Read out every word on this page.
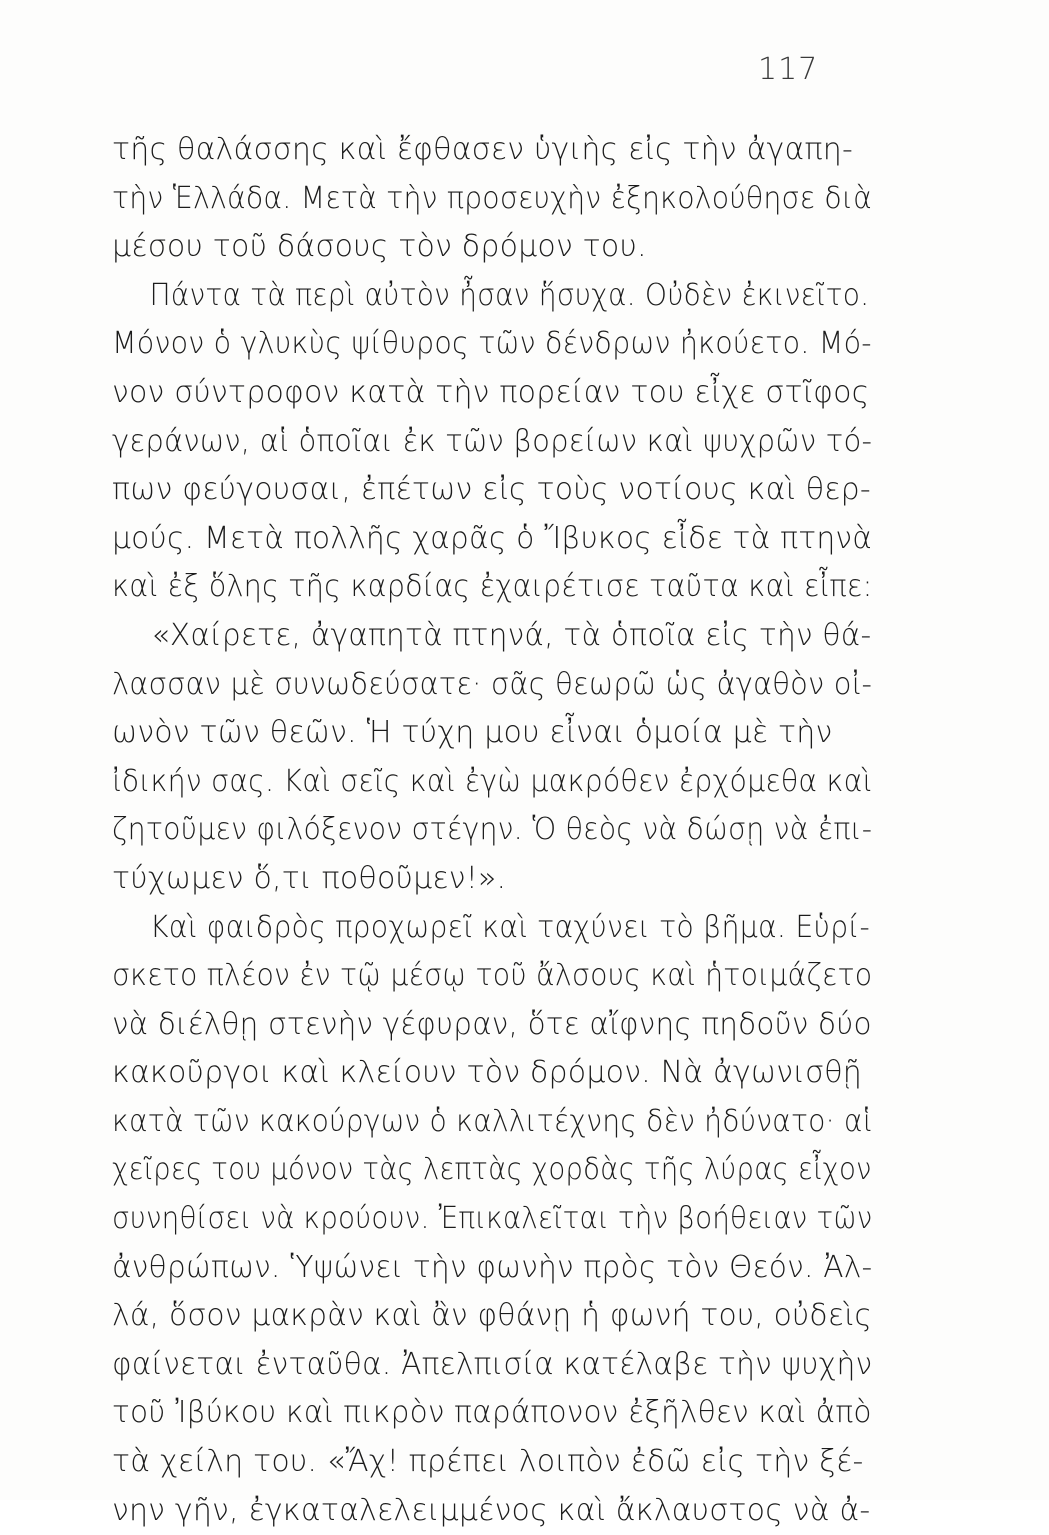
117
τῆς θαλάσσης καὶ ἔφθασεν ὑγιὴς εἰς τὴν ἀγαπη-
τὴν Ἑλλάδα. Μετὰ τὴν προσευχὴν ἐξηκολούθησε διὰ
μέσου τοῦ δάσους τὸν δρόμον του.
Πάντα τὰ περὶ αὐτὸν ἦσαν ἥσυχα. Οὐδὲν ἐκινεῖτο.
Μόνον ὁ γλυκὺς ψίθυρος τῶν δένδρων ἠκούετο. Μό-
νον σύντροφον κατὰ τὴν πορείαν του εἶχε στῖφος
γεράνων, αἱ ὁποῖαι ἐκ τῶν βορείων καὶ ψυχρῶν τό-
πων φεύγουσαι, ἐπέτων εἰς τοὺς νοτίους καὶ θερ-
μούς. Μετὰ πολλῆς χαρᾶς ὁ Ἴβυκος εἶδε τὰ πτηνὰ
καὶ ἐξ ὅλης τῆς καρδίας ἐχαιρέτισε ταῦτα καὶ εἶπε:
«Χαίρετε, ἀγαπητὰ πτηνά, τὰ ὁποῖα εἰς τὴν θά-
λασσαν μὲ συνωδεύσατε· σᾶς θεωρῶ ὡς ἀγαθὸν οἰ-
ωνὸν τῶν θεῶν. Ἡ τύχη μου εἶναι ὁμοία μὲ τὴν
ἰδικήν σας. Καὶ σεῖς καὶ ἐγὼ μακρόθεν ἐρχόμεθα καὶ
ζητοῦμεν φιλόξενον στέγην. Ὁ θεὸς νὰ δώσῃ νὰ ἐπι-
τύχωμεν ὅ,τι ποθοῦμεν!».
Καὶ φαιδρὸς προχωρεῖ καὶ ταχύνει τὸ βῆμα. Εὑρί-
σκετο πλέον ἐν τῷ μέσῳ τοῦ ἄλσους καὶ ἡτοιμάζετο
νὰ διέλθῃ στενὴν γέφυραν, ὅτε αἴφνης πηδοῦν δύο
κακοῦργοι καὶ κλείουν τὸν δρόμον. Νὰ ἀγωνισθῇ
κατὰ τῶν κακούργων ὁ καλλιτέχνης δὲν ἠδύνατο· αἱ
χεῖρες του μόνον τὰς λεπτὰς χορδὰς τῆς λύρας εἶχον
συνηθίσει νὰ κρούουν. Ἐπικαλεῖται τὴν βοήθειαν τῶν
ἀνθρώπων. Ὑψώνει τὴν φωνὴν πρὸς τὸν Θεόν. Ἀλ-
λά, ὅσον μακρὰν καὶ ἂν φθάνῃ ἡ φωνή του, οὐδεὶς
φαίνεται ἐνταῦθα. Ἀπελπισία κατέλαβε τὴν ψυχὴν
τοῦ Ἰβύκου καὶ πικρὸν παράπονον ἐξῆλθεν καὶ ἀπὸ
τὰ χείλη του. «Ἄχ! πρέπει λοιπὸν ἐδῶ εἰς τὴν ξέ-
νην γῆν, ἐγκαταλελειμμένος καὶ ἄκλαυστος νὰ ἀ-
